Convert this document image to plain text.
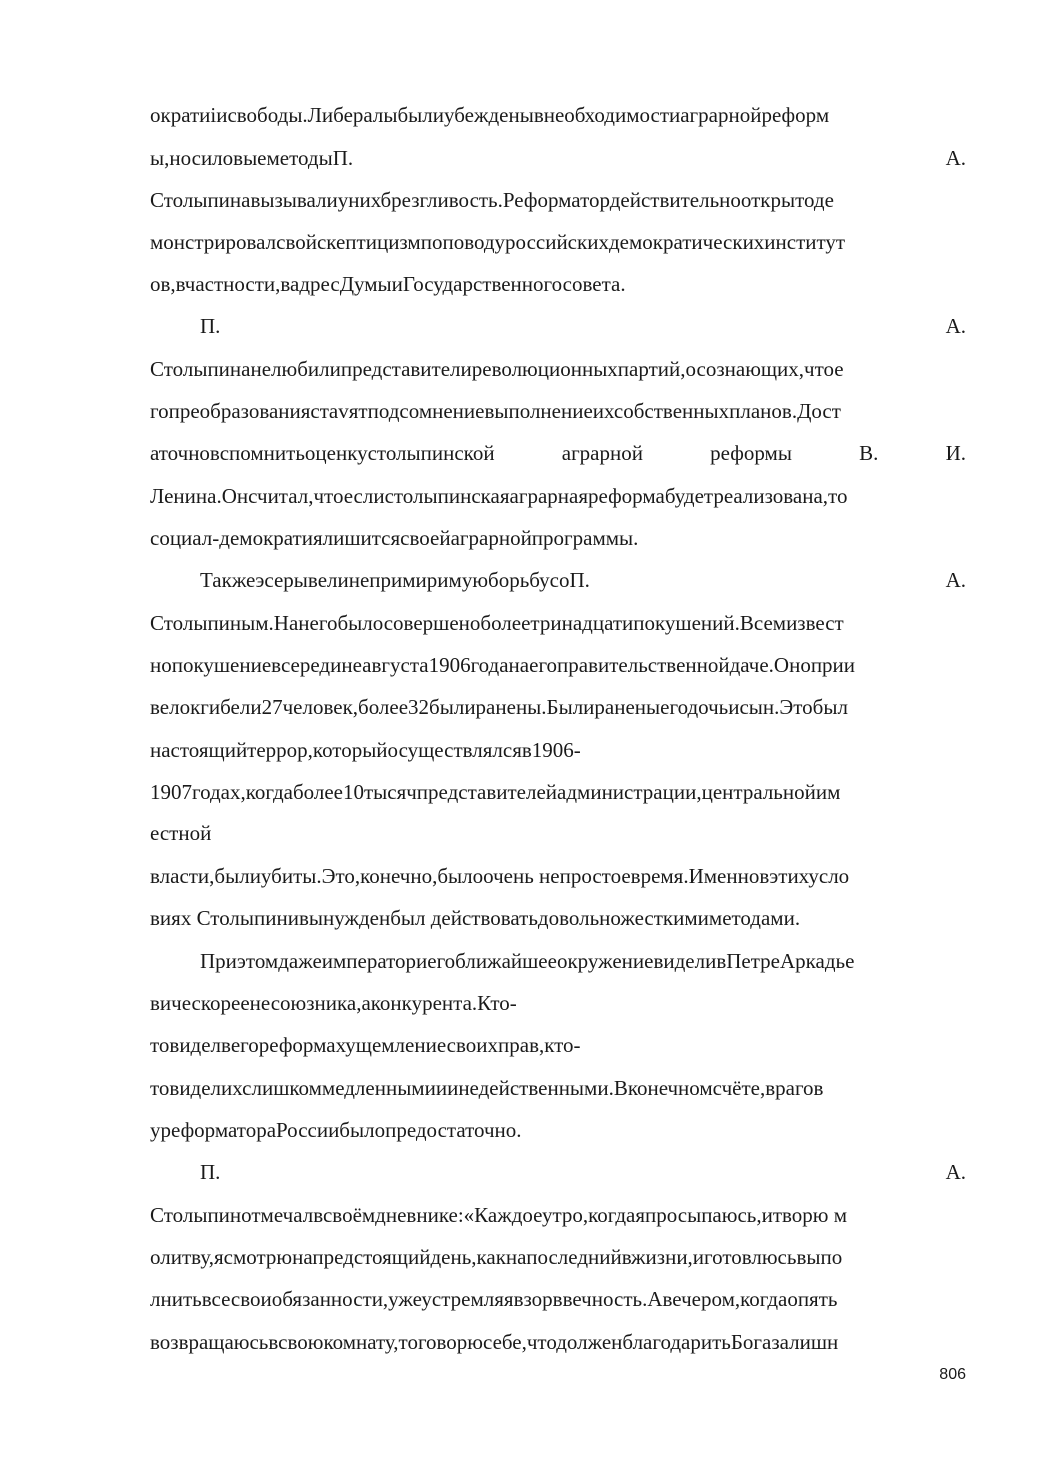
ократиiисвободы.Либералыбылиубежденывнеобходимостиаграрнойреформ
ы,носиловыеметодыП.	А.
Столыпинавызывалиунихбрезгливость.Реформатордействительнооткрытоде
монстрировалсвойскептицизмпоповодуроссийскихдемократическихинститут
ов,вчастности,вадресДумыиГосударственногосовета.
П.	А.
Столыпинанелюбилипредставителиреволюционныхпартий,осознающих,чтое
гопреобразованиястavятподсомнениевыполнениеихсобственныхпланов.Дост
аточновспомнитьоценкустолыпинской	аграрной	реформы	В.	И.
Ленина.Онсчитал,чтоеслистолыпинскаяаграрнаяреформабудетреализована,то
социал-демократиялишитсясвоейаграрнойпрограммы.
ТакжеэсерывелинепримиримуюборьбусоП.	А.
Столыпиным.Нанегобылосовершеноболеетринадцатипокушений.Всемизвест
нопокушениевсерединеавгуста1906годанаегоправительственнойдаче.Оноприи
велокгибели27человек,более32былиранены.Былираненыегодочьисын.Этобыл
настоящийтеррор,которыйосуществлялсяв1906-
1907годах,когдаболее10тысячпредставителейадминистрации,центральнойим
естной
власти,былиубиты.Это,конечно,былоочень непростоевремя.Именновэтихусло
виях Столыпинивынужденбыл действоватьдовольножесткимиметодами.
ПриэтомдажеимператориегоближайшееокружениевиделивПетреАркадье
вическореенесоюзника,аконкурента.Кто-
товиделвегореформахущемлениесвоихправ,кто-
товиделихслишкоммедленнымииинедейственными.Вконечномсчёте,врагов
уреформатораРоссиибылопредостаточно.
П.	А.
Столыпинотмечалвсвоёмдневнике:«Каждоеутро,когдаяпросыпаюсь,итворю м
олитву,ясмотрюнапредстоящийдень,какнапоследнийвжизни,иготовлюсьвыпо
лнитьвсесвоиобязанности,ужеустремляявзорввечность.Авечером,когдаопять
возвращаюсьвсвоюкомнату,тоговорюсебе,чтодолженблагодаритьБогазалишн
806
